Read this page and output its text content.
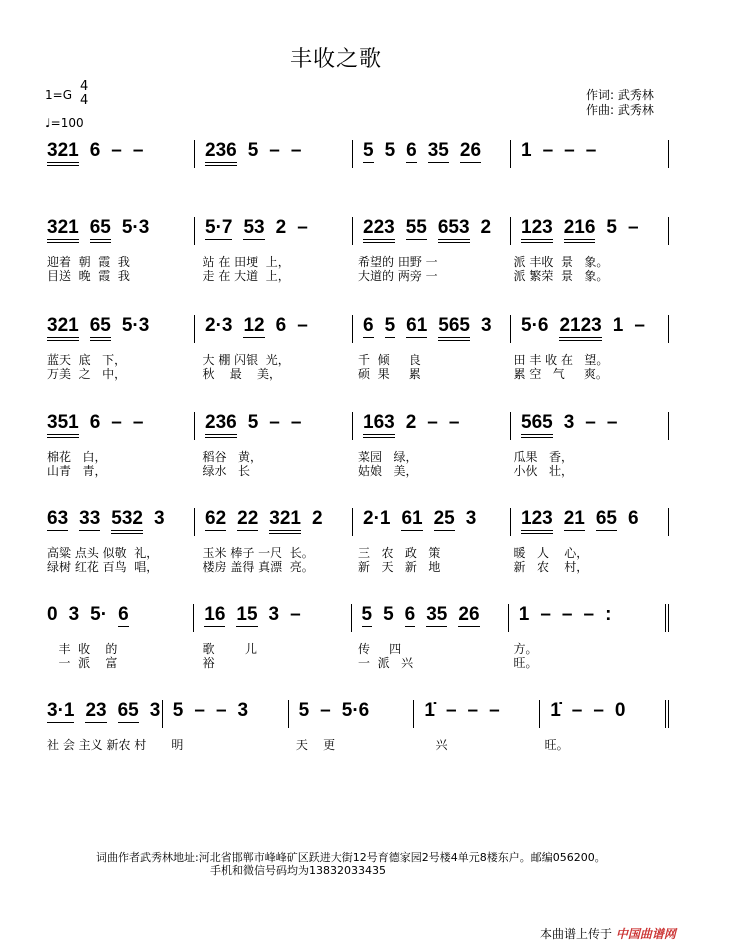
丰收之歌
1=G
4
4
♩=100
作词: 武秀林
作曲: 武秀林
321 6 – –	236 5 – –	5 5 6 35 26 1 – – –
321 65 5·3	5·7 53 2 –	223 55 653 2 123 216 5 –
迎着  朝  霞  我	站 在 田埂  上，	希望的 田野 一	派 丰收  景   象。
目送  晚  霞  我	走 在 大道  上，	大道的 两旁 一	派 繁荣  景   象。
321 65 5·3	2·3 12 6 –	6 5 61 565 3 5·6 2123 1 –
蓝天  底   下，	大 棚 闪银  光，	千  倾     良	田 丰 收 在   望。
万美  之   中，	秋    最    美，	硕  果     累	累 空   气     爽。
351 6 – –	236 5 – –	163 2 – –	565 3 – –
棉花   白，	稻谷   黄，	菜园   绿，	瓜果   香，
山青   青，	绿水   长	姑娘   美，	小伙   壮，
63 33 532 3 62 22 321 2 2·1 61 25 3 123 21 65 6
高粱 点头 似敬  礼，	玉米 棒子 一尺  长。	三   农   政   策	暖   人    心，
绿树 红花 百鸟  唱，	楼房 盖得 真漂  亮。	新   天   新   地	新   农    村，
0 3 5· 6	16 15 3 –	5 5 6 35 26 1 – – – :
丰  收    的	歌        儿	传     四	方。
一  派    富	裕	一  派   兴	旺。
3·1 23 65 3 5 – – 3	5 – 5·6	1̇ – – –	1̇ – – 0
社 会 主义 新农 村	明	天    更	兴	旺。
词曲作者武秀林地址:河北省邯郸市峰峰矿区跃进大街12号育德家园2号楼4单元8楼东户。邮编056200。
手机和微信号码均为13832033435
本曲谱上传于 中国曲谱网
